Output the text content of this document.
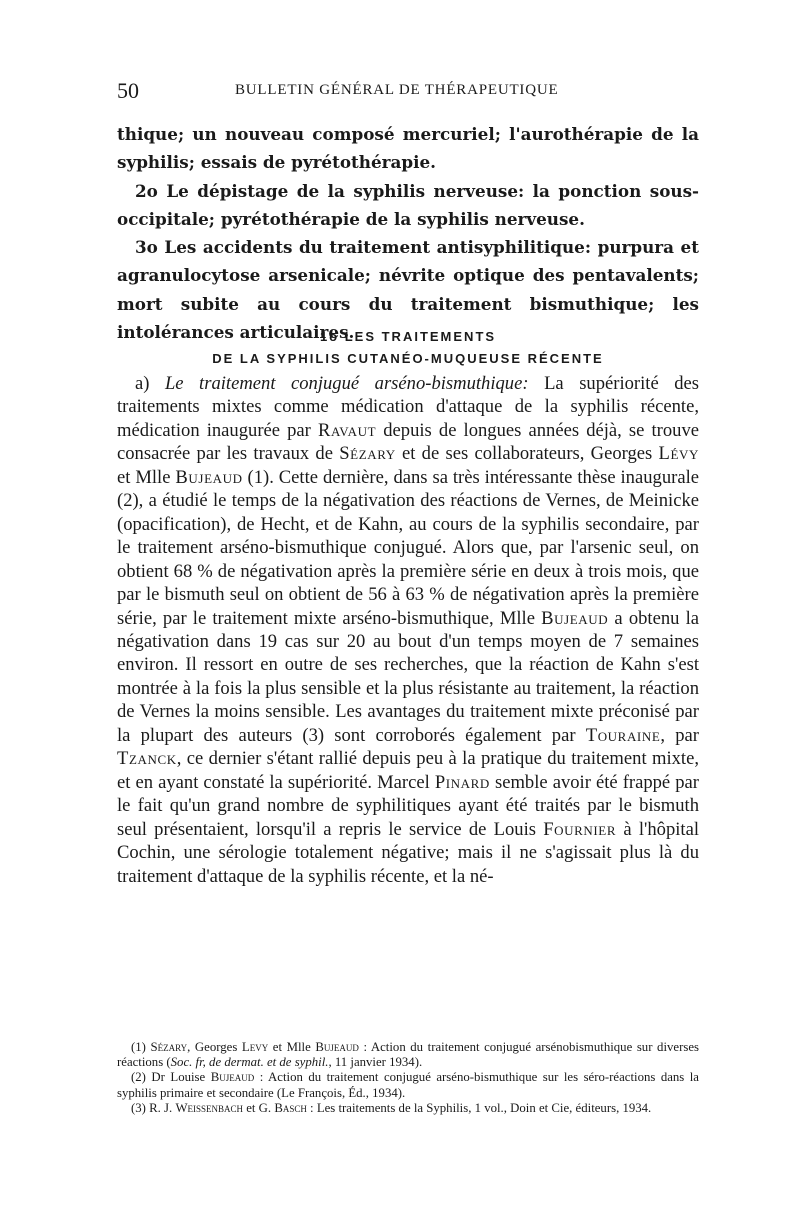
50	BULLETIN GÉNÉRAL DE THÉRAPEUTIQUE

thique; un nouveau composé mercuriel; l'aurothérapie de la syphilis; essais de pyrétothérapie.

2o Le dépistage de la syphilis nerveuse: la ponction sous-occipitale; pyrétothérapie de la syphilis nerveuse.

3o Les accidents du traitement antisyphilitique: purpura et agranulocytose arsenicale; névrite optique des pentavalents; mort subite au cours du traitement bismuthique; les intolérances articulaires.

1o LES TRAITEMENTS
DE LA SYPHILIS CUTANÉO-MUQUEUSE RÉCENTE

a) Le traitement conjugué arséno-bismuthique: La supériorité des traitements mixtes comme médication d'attaque de la syphilis récente, médication inaugurée par Ravaut depuis de longues années déjà, se trouve consacrée par les travaux de Sézary et de ses collaborateurs, Georges Lévy et Mlle Bujeaud (1). Cette dernière, dans sa très intéressante thèse inaugurale (2), a étudié le temps de la négativation des réactions de Vernes, de Meinicke (opacification), de Hecht, et de Kahn, au cours de la syphilis secondaire, par le traitement arséno-bismuthique conjugué. Alors que, par l'arsenic seul, on obtient 68 % de négativation après la première série en deux à trois mois, que par le bismuth seul on obtient de 56 à 63 % de négativation après la première série, par le traitement mixte arséno-bismuthique, Mlle Bujeaud a obtenu la négativation dans 19 cas sur 20 au bout d'un temps moyen de 7 semaines environ. Il ressort en outre de ses recherches, que la réaction de Kahn s'est montrée à la fois la plus sensible et la plus résistante au traitement, la réaction de Vernes la moins sensible. Les avantages du traitement mixte préconisé par la plupart des auteurs (3) sont corroborés également par Touraine, par Tzanck, ce dernier s'étant rallié depuis peu à la pratique du traitement mixte, et en ayant constaté la supériorité. Marcel Pinard semble avoir été frappé par le fait qu'un grand nombre de syphilitiques ayant été traités par le bismuth seul présentaient, lorsqu'il a repris le service de Louis Fournier à l'hôpital Cochin, une sérologie totalement négative; mais il ne s'agissait plus là du traitement d'attaque de la syphilis récente, et la né-

(1) Sézary, Georges Levy et Mlle Bujeaud : Action du traitement conjugué arsénobismuthique sur diverses réactions (Soc. fr, de dermat. et de syphil., 11 janvier 1934).

(2) Dr Louise Bujeaud : Action du traitement conjugué arséno-bismuthique sur les séro-réactions dans la syphilis primaire et secondaire (Le François, Éd., 1934).

(3) R. J. Weissenbach et G. Basch : Les traitements de la Syphilis, 1 vol., Doin et Cie, éditeurs, 1934.
